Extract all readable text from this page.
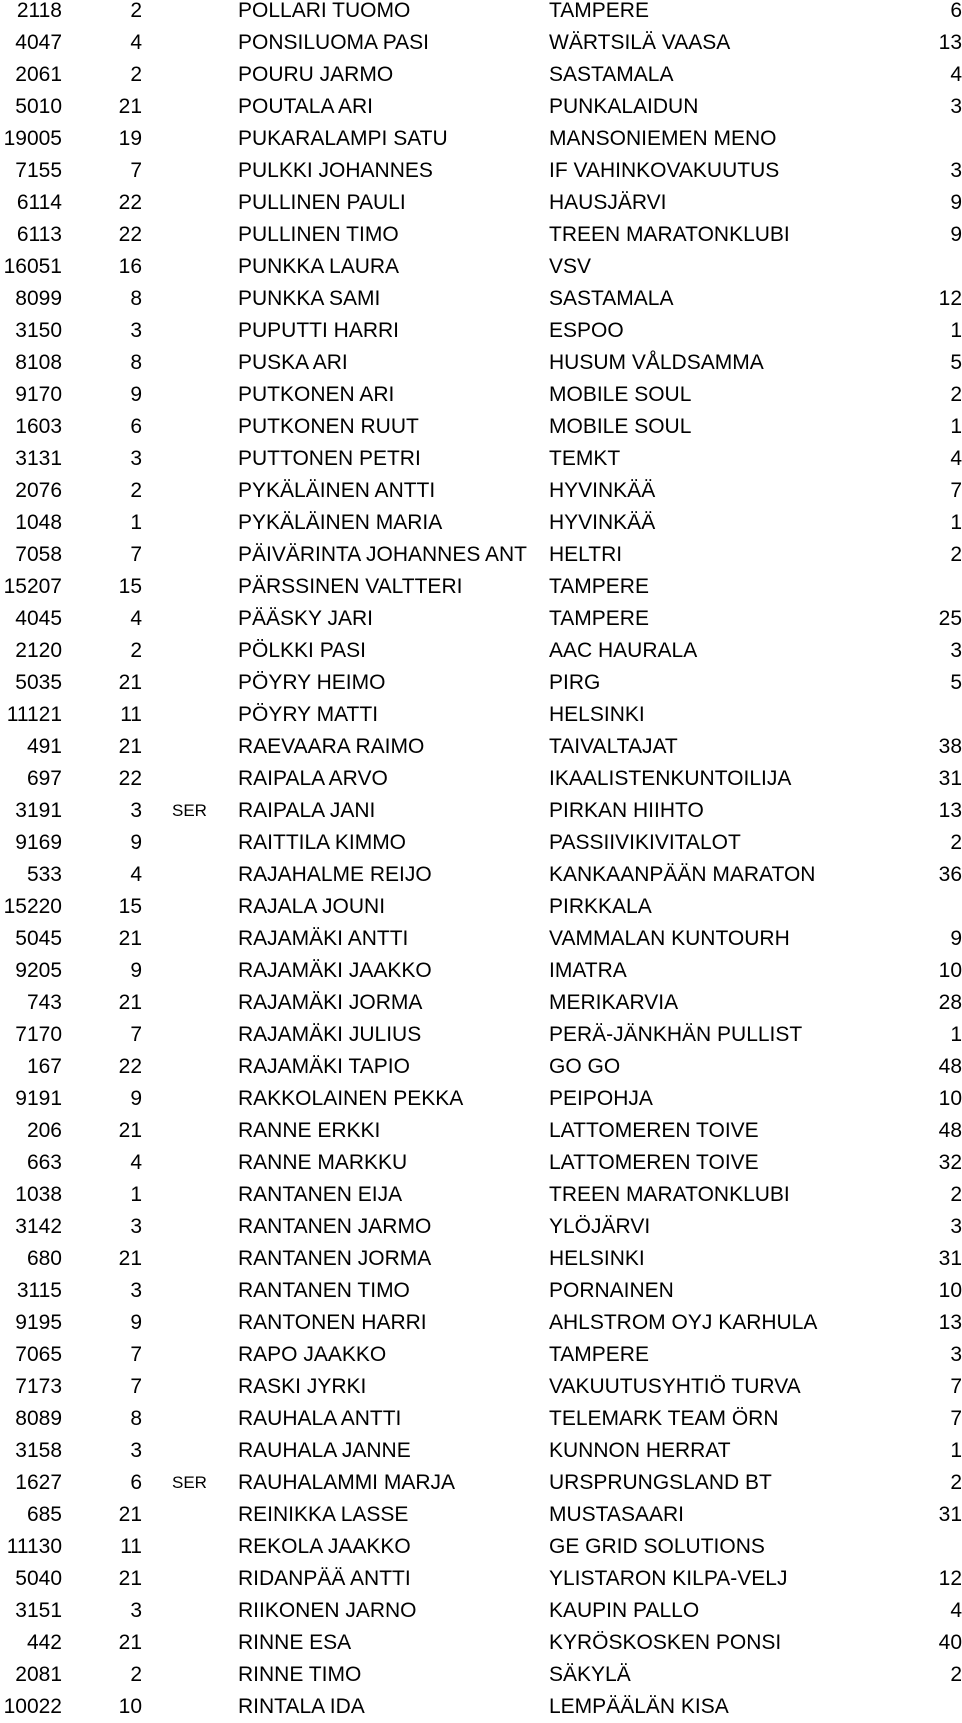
2118	2	POLLARI TUOMO	TAMPERE	6
4047	4	PONSILUOMA PASI	WÄRTSILÄ VAASA	13
2061	2	POURU JARMO	SASTAMALA	4
5010	21	POUTALA ARI	PUNKALAIDUN	3
19005	19	PUKARALAMPI SATU	MANSONIEMEN MENO
7155	7	PULKKI JOHANNES	IF VAHINKOVAKUUTUS	3
6114	22	PULLINEN PAULI	HAUSJÄRVI	9
6113	22	PULLINEN TIMO	TREEN MARATONKLUBI	9
16051	16	PUNKKA LAURA	VSV
8099	8	PUNKKA SAMI	SASTAMALA	12
3150	3	PUPUTTI HARRI	ESPOO	1
8108	8	PUSKA ARI	HUSUM VÅLDSAMMA	5
9170	9	PUTKONEN ARI	MOBILE SOUL	2
1603	6	PUTKONEN RUUT	MOBILE SOUL	1
3131	3	PUTTONEN PETRI	TEMKT	4
2076	2	PYKÄLÄINEN ANTTI	HYVINKÄÄ	7
1048	1	PYKÄLÄINEN MARIA	HYVINKÄÄ	1
7058	7	PÄIVÄRINTA JOHANNES ANT	HELTRI	2
15207	15	PÄRSSINEN VALTTERI	TAMPERE
4045	4	PÄÄSKY JARI	TAMPERE	25
2120	2	PÖLKKI PASI	AAC HAURALA	3
5035	21	PÖYRY HEIMO	PIRG	5
11121	11	PÖYRY MATTI	HELSINKI
491	21	RAEVAARA RAIMO	TAIVALTAJAT	38
697	22	RAIPALA ARVO	IKAALISTENKUNTOILIJA	31
3191	3 SER	RAIPALA JANI	PIRKAN HIIHTO	13
9169	9	RAITTILA KIMMO	PASSIIVIKIVITALOT	2
533	4	RAJAHALME REIJO	KANKAANPÄÄN MARATON	36
15220	15	RAJALA JOUNI	PIRKKALA
5045	21	RAJAMÄKI ANTTI	VAMMALAN KUNTOURH	9
9205	9	RAJAMÄKI JAAKKO	IMATRA	10
743	21	RAJAMÄKI JORMA	MERIKARVIA	28
7170	7	RAJAMÄKI JULIUS	PERÄ-JÄNKHÄN PULLIST	1
167	22	RAJAMÄKI TAPIO	GO GO	48
9191	9	RAKKOLAINEN PEKKA	PEIPOHJA	10
206	21	RANNE ERKKI	LATTOMEREN TOIVE	48
663	4	RANNE MARKKU	LATTOMEREN TOIVE	32
1038	1	RANTANEN EIJA	TREEN MARATONKLUBI	2
3142	3	RANTANEN JARMO	YLÖJÄRVI	3
680	21	RANTANEN JORMA	HELSINKI	31
3115	3	RANTANEN TIMO	PORNAINEN	10
9195	9	RANTONEN HARRI	AHLSTROM OYJ KARHULA	13
7065	7	RAPO JAAKKO	TAMPERE	3
7173	7	RASKI JYRKI	VAKUUTUSYHTIÖ TURVA	7
8089	8	RAUHALA ANTTI	TELEMARK TEAM ÖRN	7
3158	3	RAUHALA JANNE	KUNNON HERRAT	1
1627	6 SER	RAUHALAMMI MARJA	URSPRUNGSLAND BT	2
685	21	REINIKKA LASSE	MUSTASAARI	31
11130	11	REKOLA JAAKKO	GE GRID SOLUTIONS
5040	21	RIDANPÄÄ ANTTI	YLISTARON KILPA-VELJ	12
3151	3	RIIKONEN JARNO	KAUPIN PALLO	4
442	21	RINNE ESA	KYRÖSKOSKEN PONSI	40
2081	2	RINNE TIMO	SÄKYLÄ	2
10022	10	RINTALA IDA	LEMPÄÄLÄN KISA
